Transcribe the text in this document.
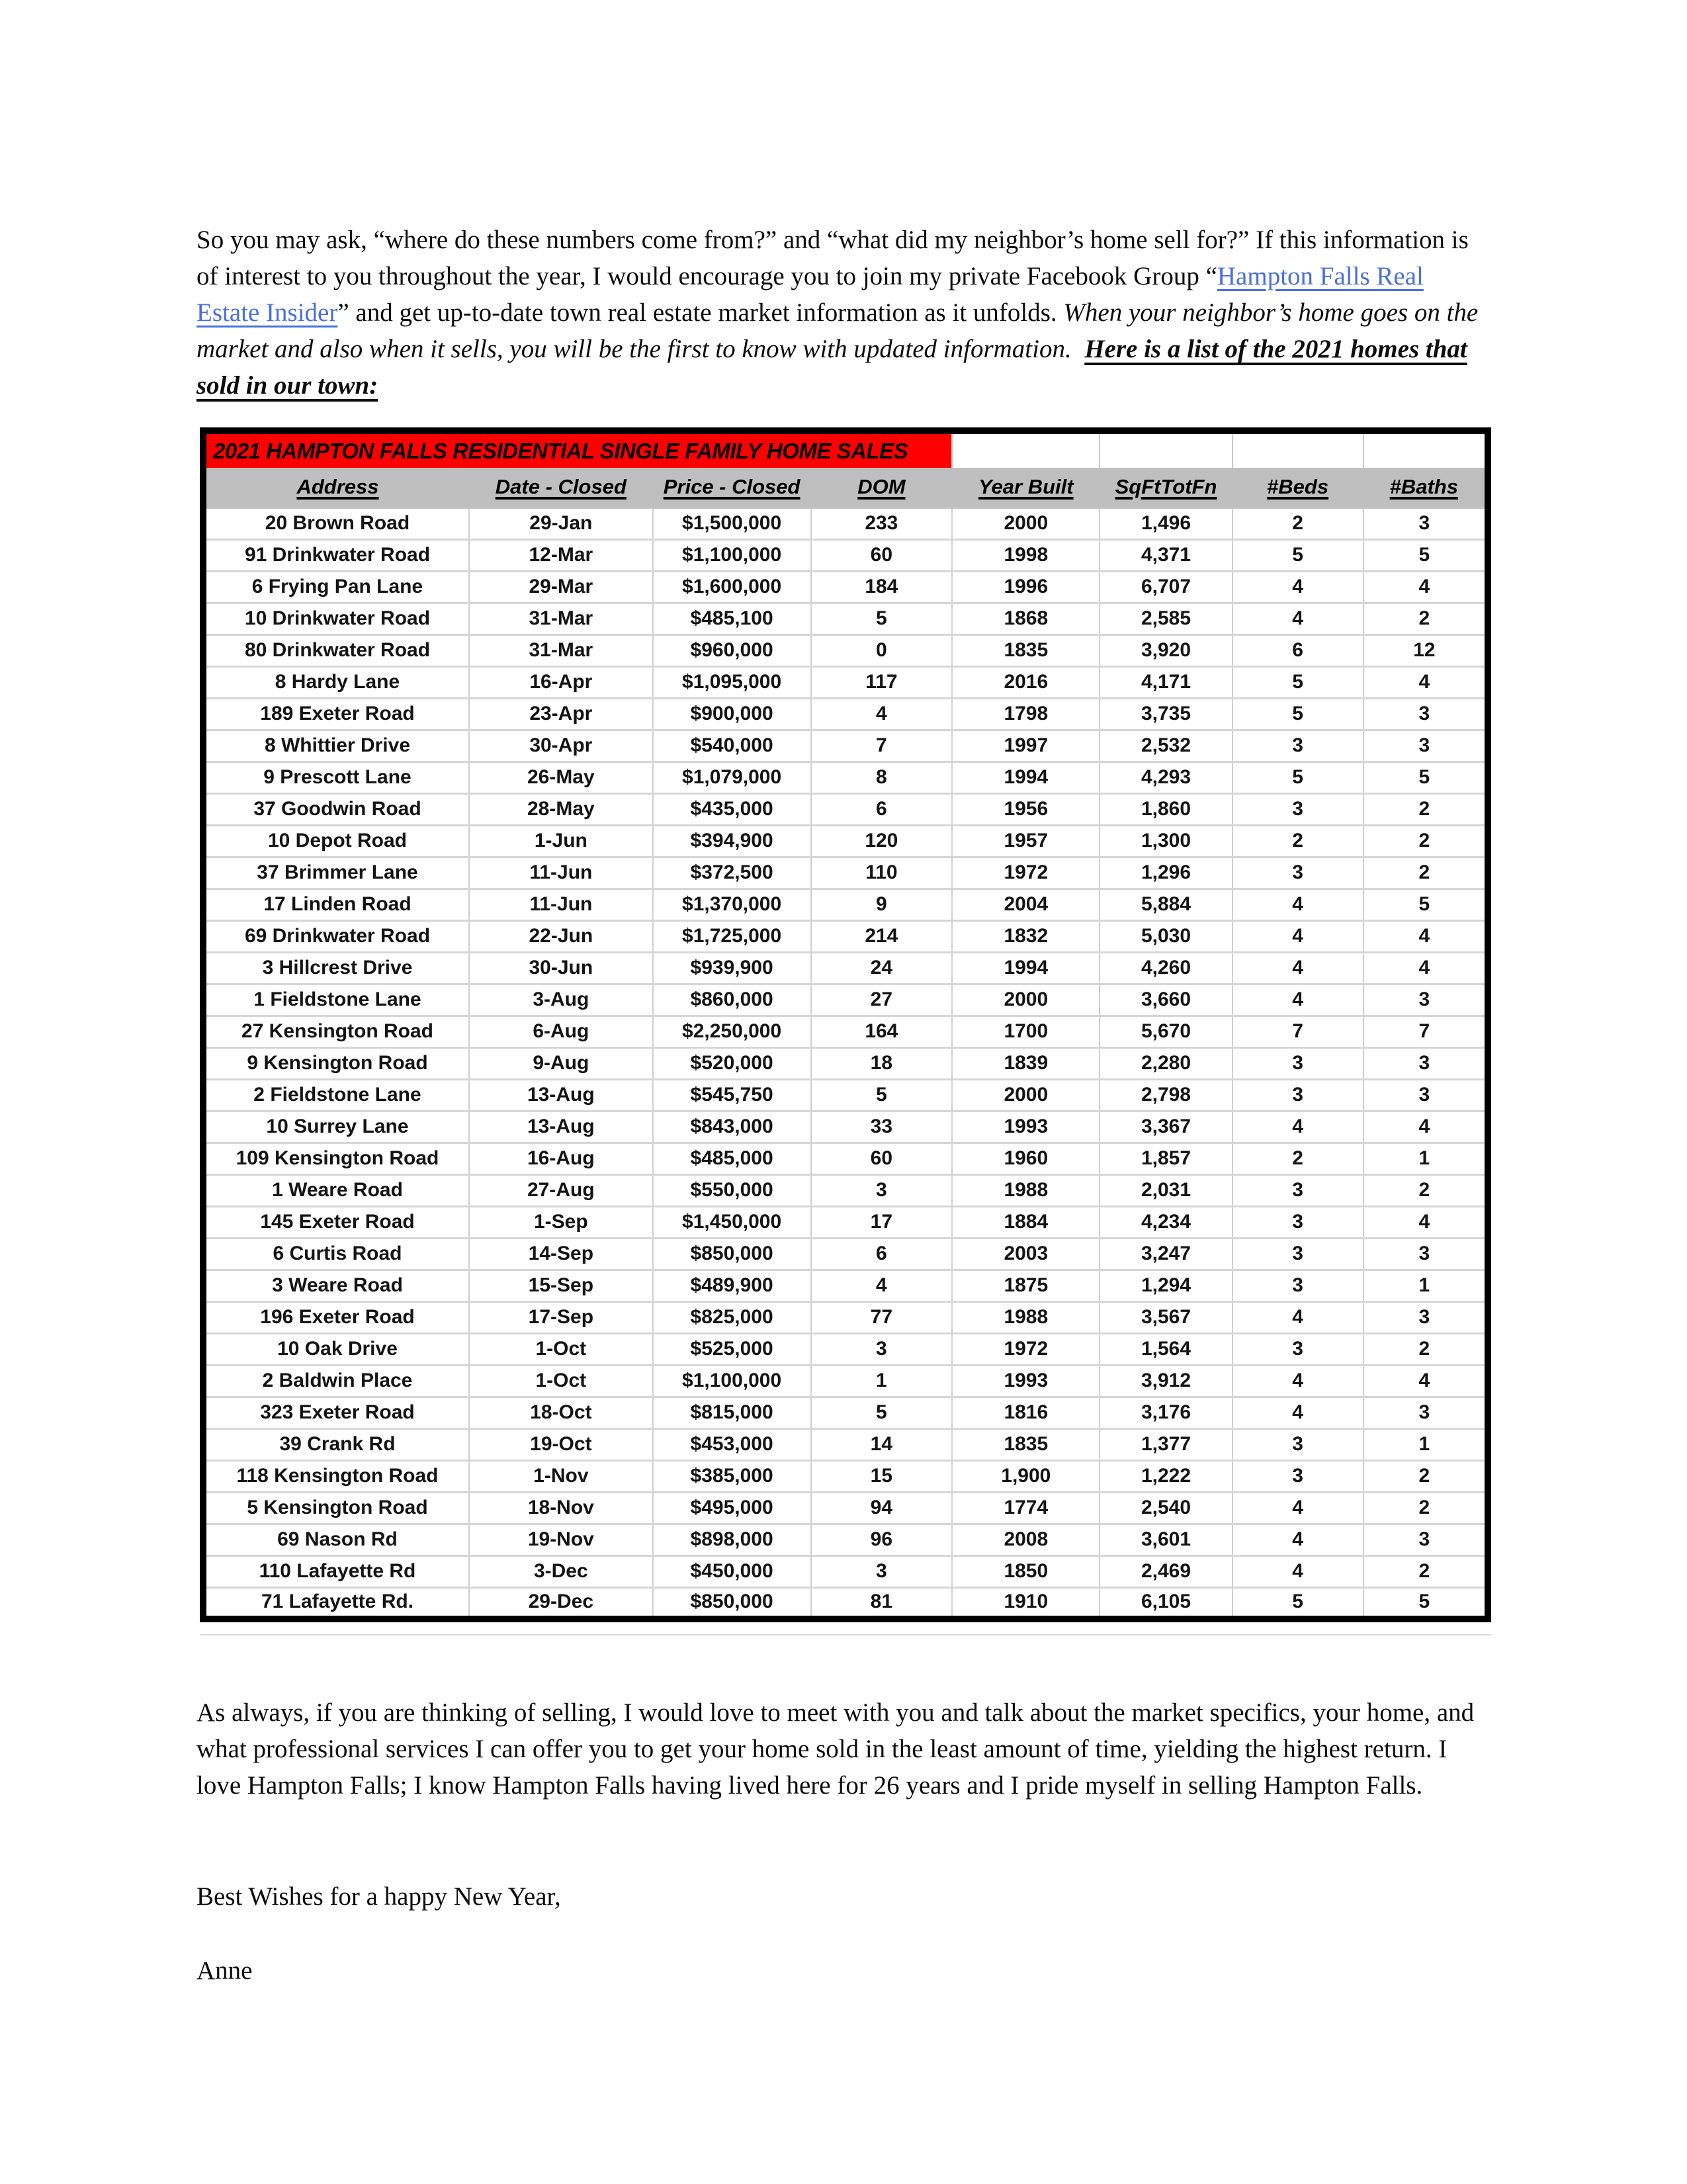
So you may ask, “where do these numbers come from?” and “what did my neighbor’s home sell for?” If this information is of interest to you throughout the year, I would encourage you to join my private Facebook Group “Hampton Falls Real Estate Insider” and get up-to-date town real estate market information as it unfolds. When your neighbor’s home goes on the market and also when it sells, you will be the first to know with updated information. Here is a list of the 2021 homes that sold in our town:

2021 HAMPTON FALLS RESIDENTIAL SINGLE FAMILY HOME SALES							
Address	Date - Closed	Price - Closed	DOM	Year Built	SqFtTotFn	#Beds	#Baths
20 Brown Road	29-Jan	$1,500,000	233	2000	1,496	2	3
91 Drinkwater Road	12-Mar	$1,100,000	60	1998	4,371	5	5
6 Frying Pan Lane	29-Mar	$1,600,000	184	1996	6,707	4	4
10 Drinkwater Road	31-Mar	$485,100	5	1868	2,585	4	2
80 Drinkwater Road	31-Mar	$960,000	0	1835	3,920	6	12
8 Hardy Lane	16-Apr	$1,095,000	117	2016	4,171	5	4
189 Exeter Road	23-Apr	$900,000	4	1798	3,735	5	3
8 Whittier Drive	30-Apr	$540,000	7	1997	2,532	3	3
9 Prescott Lane	26-May	$1,079,000	8	1994	4,293	5	5
37 Goodwin Road	28-May	$435,000	6	1956	1,860	3	2
10 Depot Road	1-Jun	$394,900	120	1957	1,300	2	2
37 Brimmer Lane	11-Jun	$372,500	110	1972	1,296	3	2
17 Linden Road	11-Jun	$1,370,000	9	2004	5,884	4	5
69 Drinkwater Road	22-Jun	$1,725,000	214	1832	5,030	4	4
3 Hillcrest Drive	30-Jun	$939,900	24	1994	4,260	4	4
1 Fieldstone Lane	3-Aug	$860,000	27	2000	3,660	4	3
27 Kensington Road	6-Aug	$2,250,000	164	1700	5,670	7	7
9 Kensington Road	9-Aug	$520,000	18	1839	2,280	3	3
2 Fieldstone Lane	13-Aug	$545,750	5	2000	2,798	3	3
10 Surrey Lane	13-Aug	$843,000	33	1993	3,367	4	4
109 Kensington Road	16-Aug	$485,000	60	1960	1,857	2	1
1 Weare Road	27-Aug	$550,000	3	1988	2,031	3	2
145 Exeter Road	1-Sep	$1,450,000	17	1884	4,234	3	4
6 Curtis Road	14-Sep	$850,000	6	2003	3,247	3	3
3 Weare Road	15-Sep	$489,900	4	1875	1,294	3	1
196 Exeter Road	17-Sep	$825,000	77	1988	3,567	4	3
10 Oak Drive	1-Oct	$525,000	3	1972	1,564	3	2
2 Baldwin Place	1-Oct	$1,100,000	1	1993	3,912	4	4
323 Exeter Road	18-Oct	$815,000	5	1816	3,176	4	3
39 Crank Rd	19-Oct	$453,000	14	1835	1,377	3	1
118 Kensington Road	1-Nov	$385,000	15	1,900	1,222	3	2
5 Kensington Road	18-Nov	$495,000	94	1774	2,540	4	2
69 Nason Rd	19-Nov	$898,000	96	2008	3,601	4	3
110 Lafayette Rd	3-Dec	$450,000	3	1850	2,469	4	2
71 Lafayette Rd.	29-Dec	$850,000	81	1910	6,105	5	5

As always, if you are thinking of selling, I would love to meet with you and talk about the market specifics, your home, and what professional services I can offer you to get your home sold in the least amount of time, yielding the highest return. I love Hampton Falls; I know Hampton Falls having lived here for 26 years and I pride myself in selling Hampton Falls.

Best Wishes for a happy New Year,

Anne
